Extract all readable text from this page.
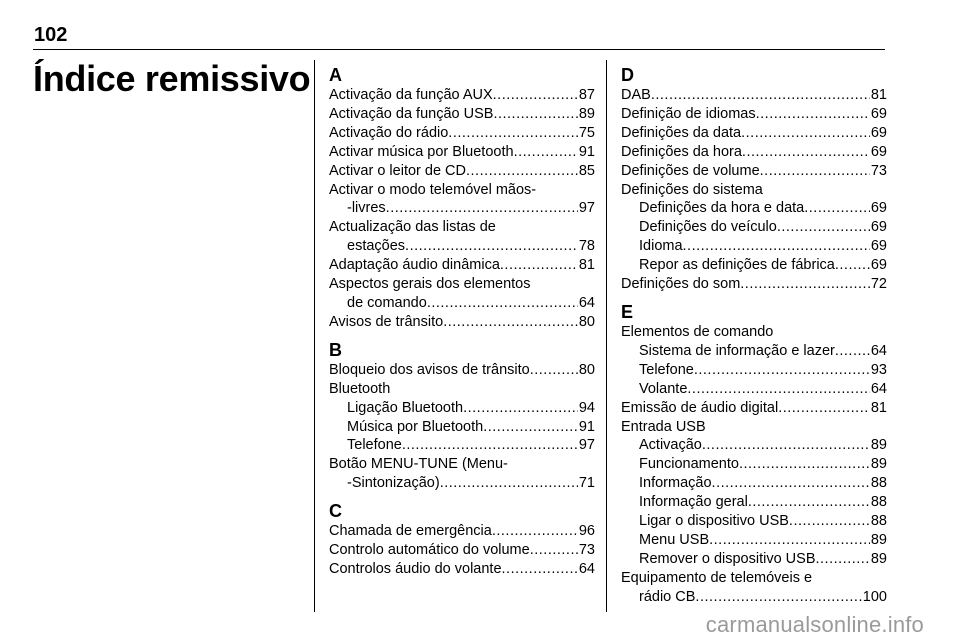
102
Índice remissivo A
Activação da função AUX .....	87
Activação da função USB .....	89
Activação do rádio .....	75
Activar música por Bluetooth .....	91
Activar o leitor de CD .....	85
Activar o modo telemóvel mãos-
-livres .....	97
Actualização das listas de
estações .....	78
Adaptação áudio dinâmica .....	81
Aspectos gerais dos elementos
de comando .....	64
Avisos de trânsito .....	80
B
Bloqueio dos avisos de trânsito .....	80
Bluetooth
Ligação Bluetooth .....	94
Música por Bluetooth .....	91
Telefone .....	97
Botão MENU-TUNE (Menu-
-Sintonização) .....	71
C
Chamada de emergência .....	96
Controlo automático do volume .....	73
Controlos áudio do volante .....	64
D
DAB .....	81
Definição de idiomas .....	69
Definições da data .....	69
Definições da hora .....	69
Definições de volume .....	73
Definições do sistema
Definições da hora e data .....	69
Definições do veículo .....	69
Idioma .....	69
Repor as definições de fábrica ..... 69
Definições do som .....	72
E
Elementos de comando
Sistema de informação e lazer ..... 64
Telefone .....	93
Volante .....	64
Emissão de áudio digital .....	81
Entrada USB
Activação .....	89
Funcionamento .....	89
Informação .....	88
Informação geral .....	88
Ligar o dispositivo USB .....	88
Menu USB .....	89
Remover o dispositivo USB .....	89
Equipamento de telemóveis e
rádio CB .....	100
carmanualsonline.info
